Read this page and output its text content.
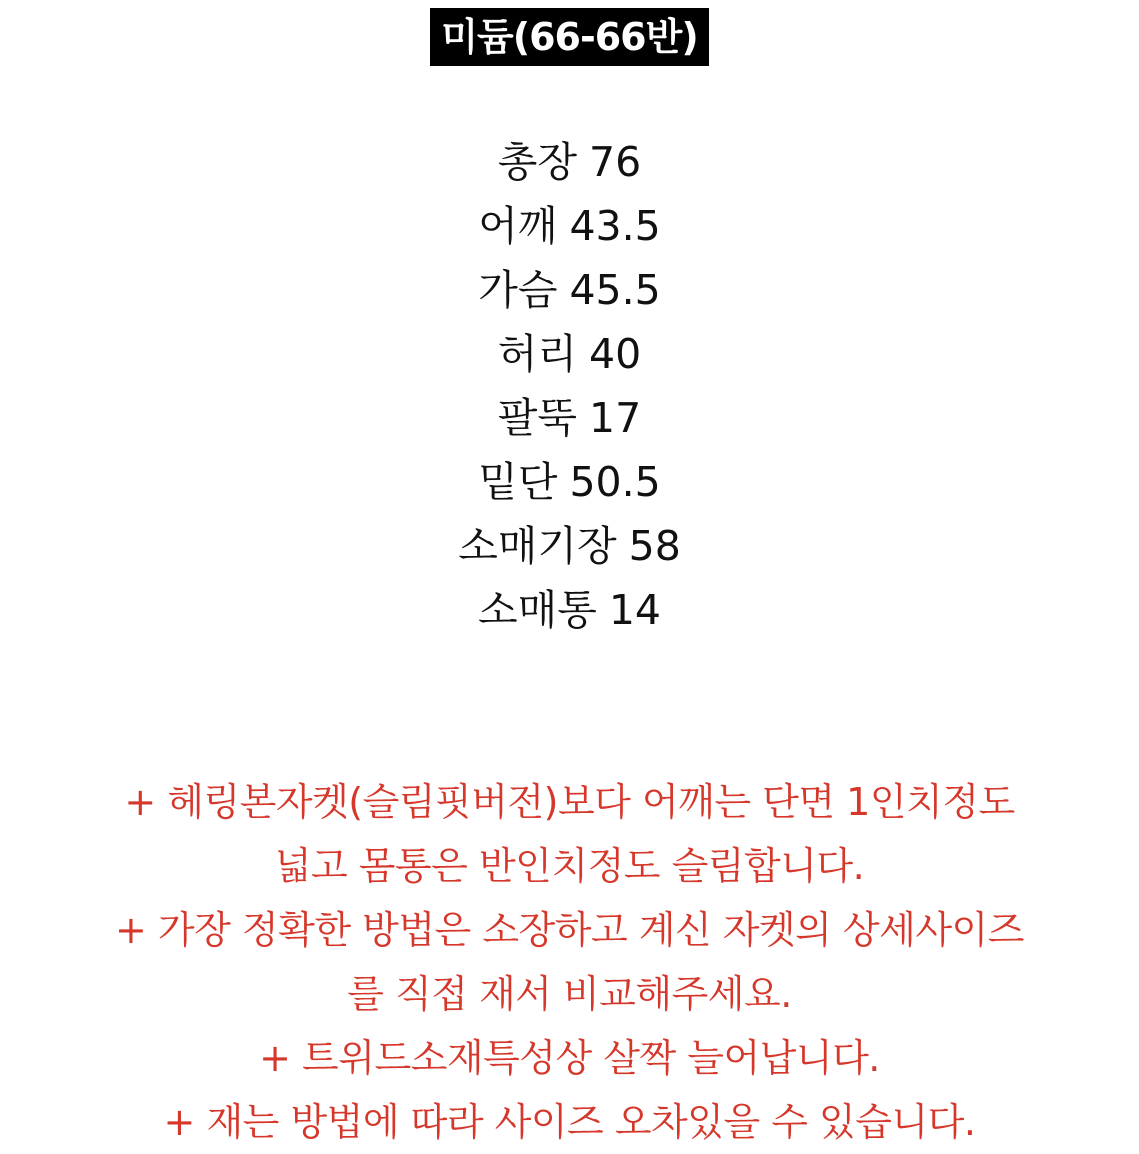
미듐(66-66반)
총장 76
어깨 43.5
가슴 45.5
허리 40
팔뚝 17
밑단 50.5
소매기장 58
소매통 14
+ 헤링본자켓(슬림핏버전)보다 어깨는 단면 1인치정도
넓고 몸통은 반인치정도 슬림합니다.
+ 가장 정확한 방법은 소장하고 계신 자켓의 상세사이즈
를 직접 재서 비교해주세요.
+ 트위드소재특성상 살짝 늘어납니다.
+ 재는 방법에 따라 사이즈 오차있을 수 있습니다.
